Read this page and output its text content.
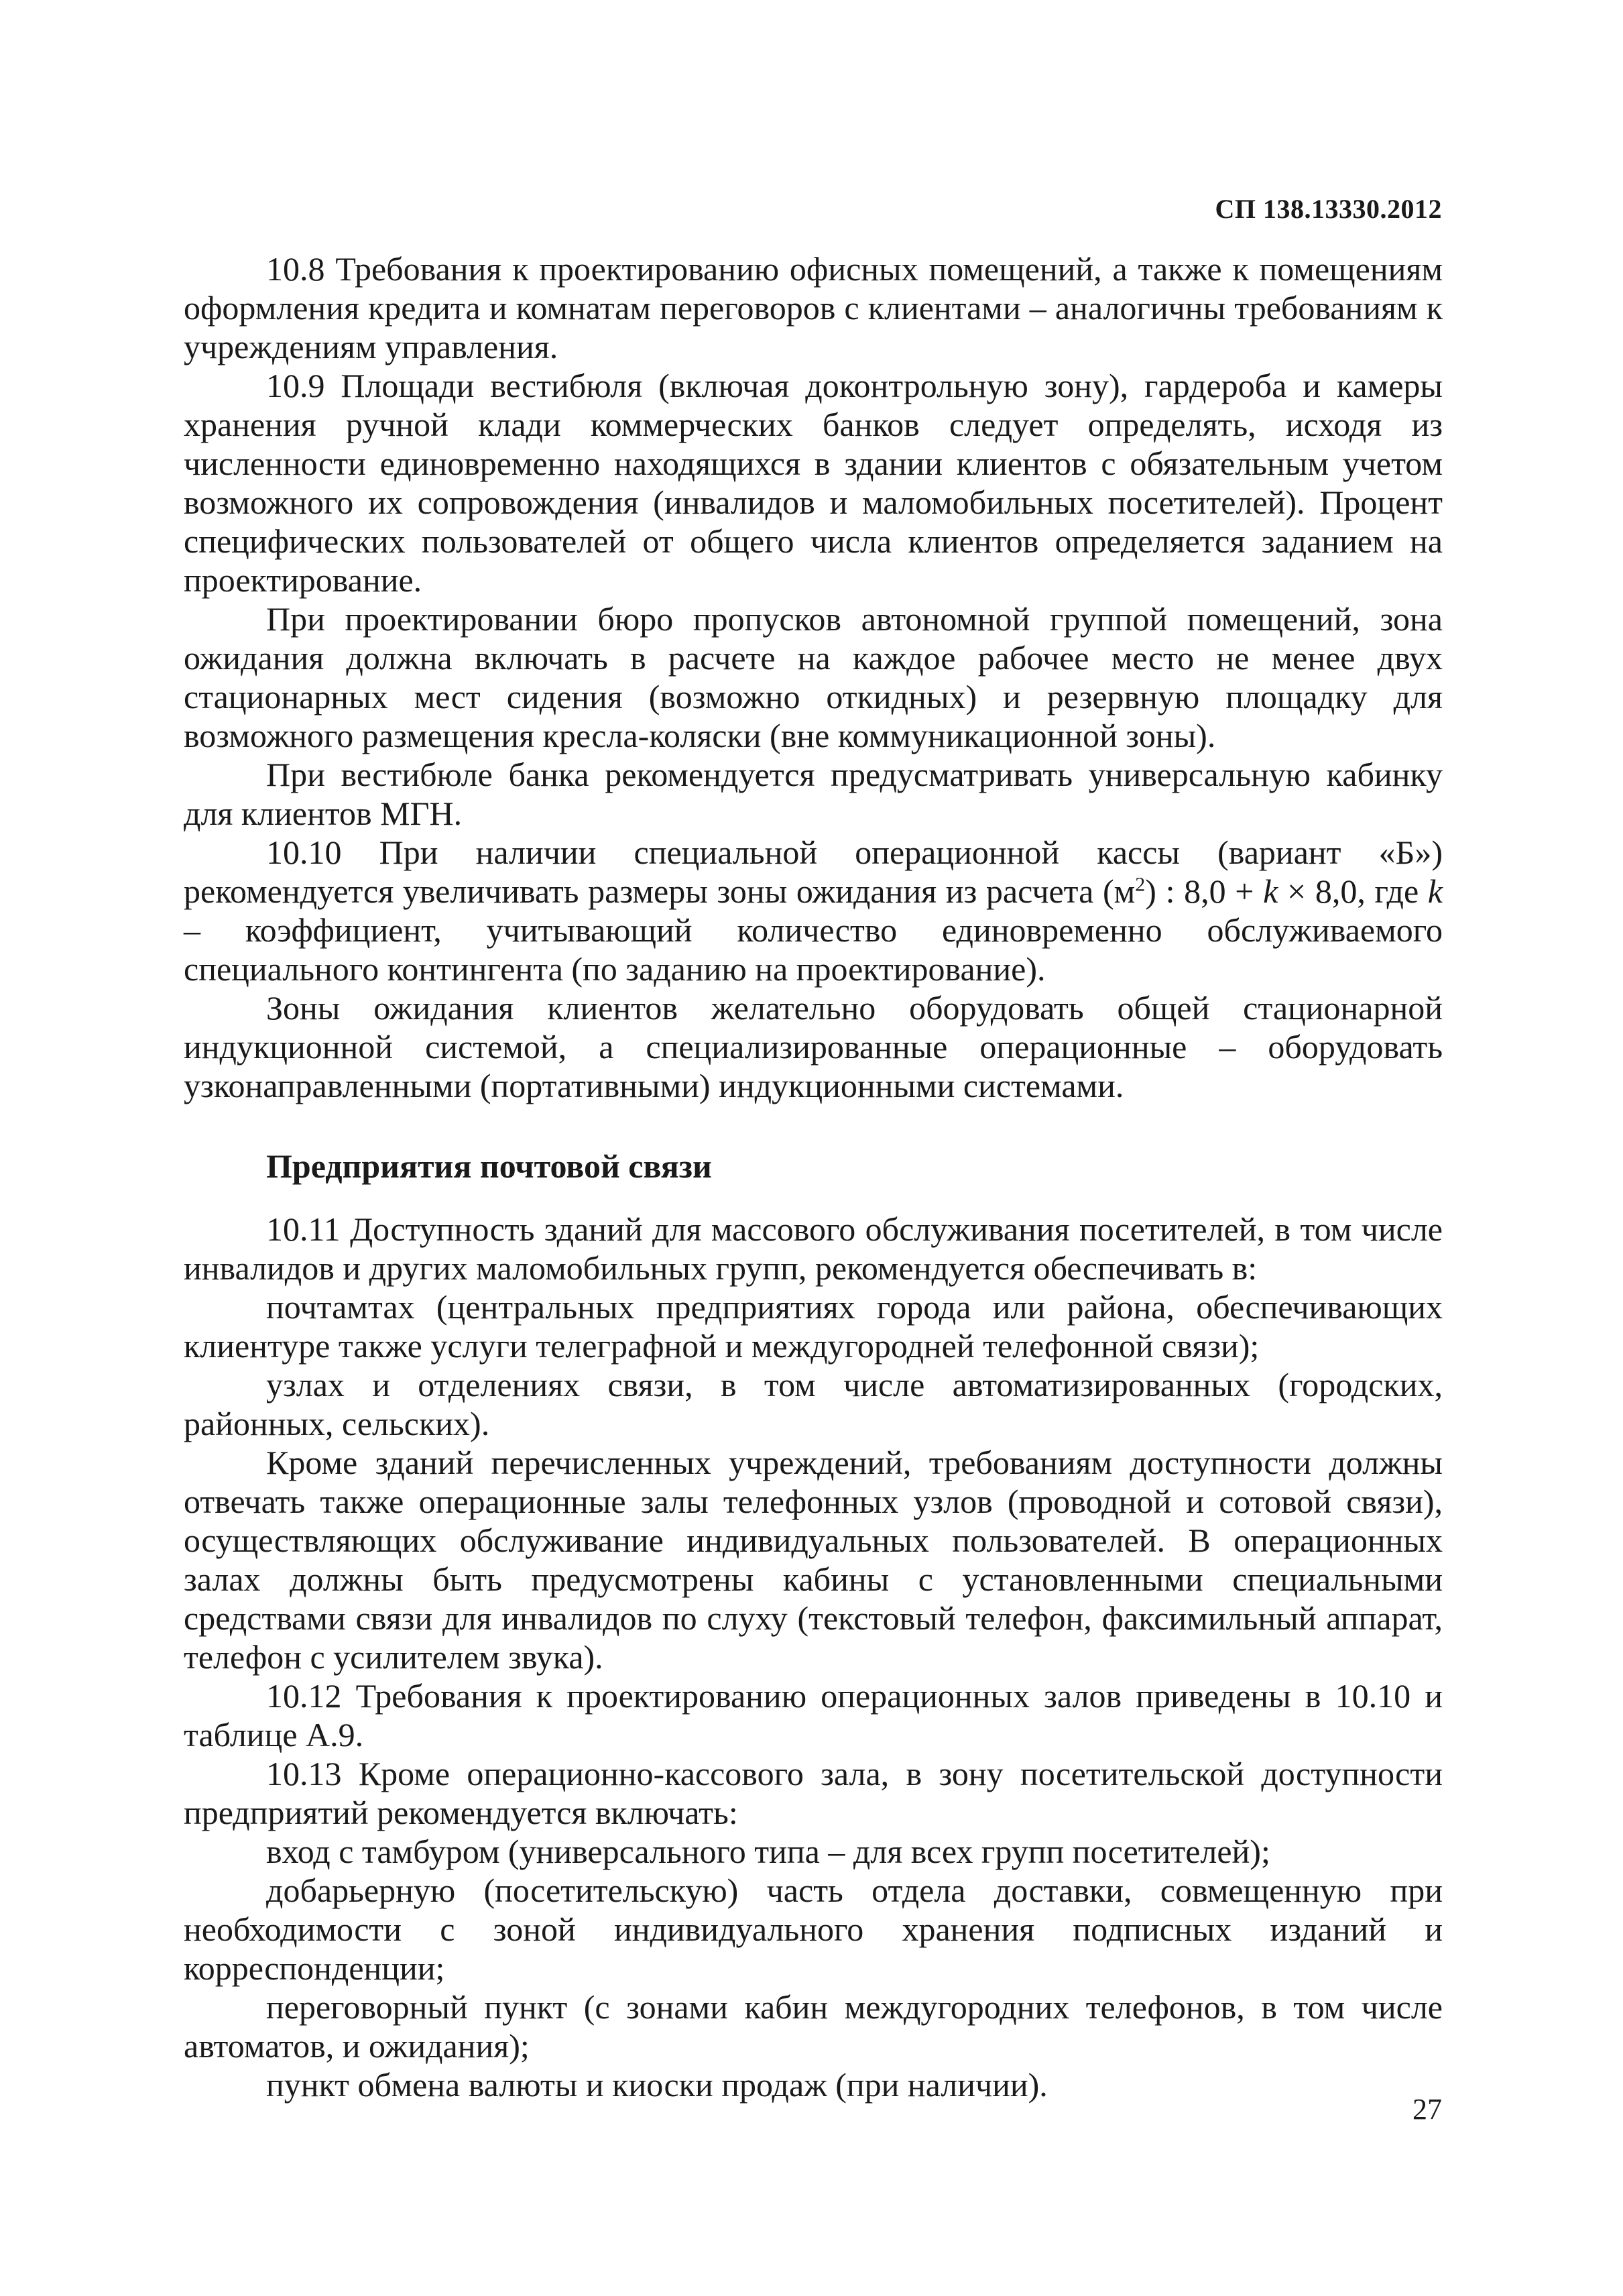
СП 138.13330.2012

10.8 Требования к проектированию офисных помещений, а также к помещениям оформления кредита и комнатам переговоров с клиентами – аналогичны требованиям к учреждениям управления.

10.9 Площади вестибюля (включая доконтрольную зону), гардероба и камеры хранения ручной клади коммерческих банков следует определять, исходя из численности единовременно находящихся в здании клиентов с обязательным учетом возможного их сопровождения (инвалидов и маломобильных посетителей). Процент специфических пользователей от общего числа клиентов определяется заданием на проектирование.

При проектировании бюро пропусков автономной группой помещений, зона ожидания должна включать в расчете на каждое рабочее место не менее двух стационарных мест сидения (возможно откидных) и резервную площадку для возможного размещения кресла-коляски (вне коммуникационной зоны).

При вестибюле банка рекомендуется предусматривать универсальную кабинку для клиентов МГН.

10.10 При наличии специальной операционной кассы (вариант «Б») рекомендуется увеличивать размеры зоны ожидания из расчета $(м^2)$ : 8,0 + k × 8,0, где k – коэффициент, учитывающий количество единовременно обслуживаемого специального контингента (по заданию на проектирование).

Зоны ожидания клиентов желательно оборудовать общей стационарной индукционной системой, а специализированные операционные – оборудовать узконаправленными (портативными) индукционными системами.

Предприятия почтовой связи

10.11 Доступность зданий для массового обслуживания посетителей, в том числе инвалидов и других маломобильных групп, рекомендуется обеспечивать в:

почтамтах (центральных предприятиях города или района, обеспечивающих клиентуре также услуги телеграфной и междугородней телефонной связи);

узлах и отделениях связи, в том числе автоматизированных (городских, районных, сельских).

Кроме зданий перечисленных учреждений, требованиям доступности должны отвечать также операционные залы телефонных узлов (проводной и сотовой связи), осуществляющих обслуживание индивидуальных пользователей. В операционных залах должны быть предусмотрены кабины с установленными специальными средствами связи для инвалидов по слуху (текстовый телефон, факсимильный аппарат, телефон с усилителем звука).

10.12 Требования к проектированию операционных залов приведены в 10.10 и таблице А.9.

10.13 Кроме операционно-кассового зала, в зону посетительской доступности предприятий рекомендуется включать:

вход с тамбуром (универсального типа – для всех групп посетителей);

добарьерную (посетительскую) часть отдела доставки, совмещенную при необходимости с зоной индивидуального хранения подписных изданий и корреспонденции;

переговорный пункт (с зонами кабин междугородних телефонов, в том числе автоматов, и ожидания);

пункт обмена валюты и киоски продаж (при наличии).

27
